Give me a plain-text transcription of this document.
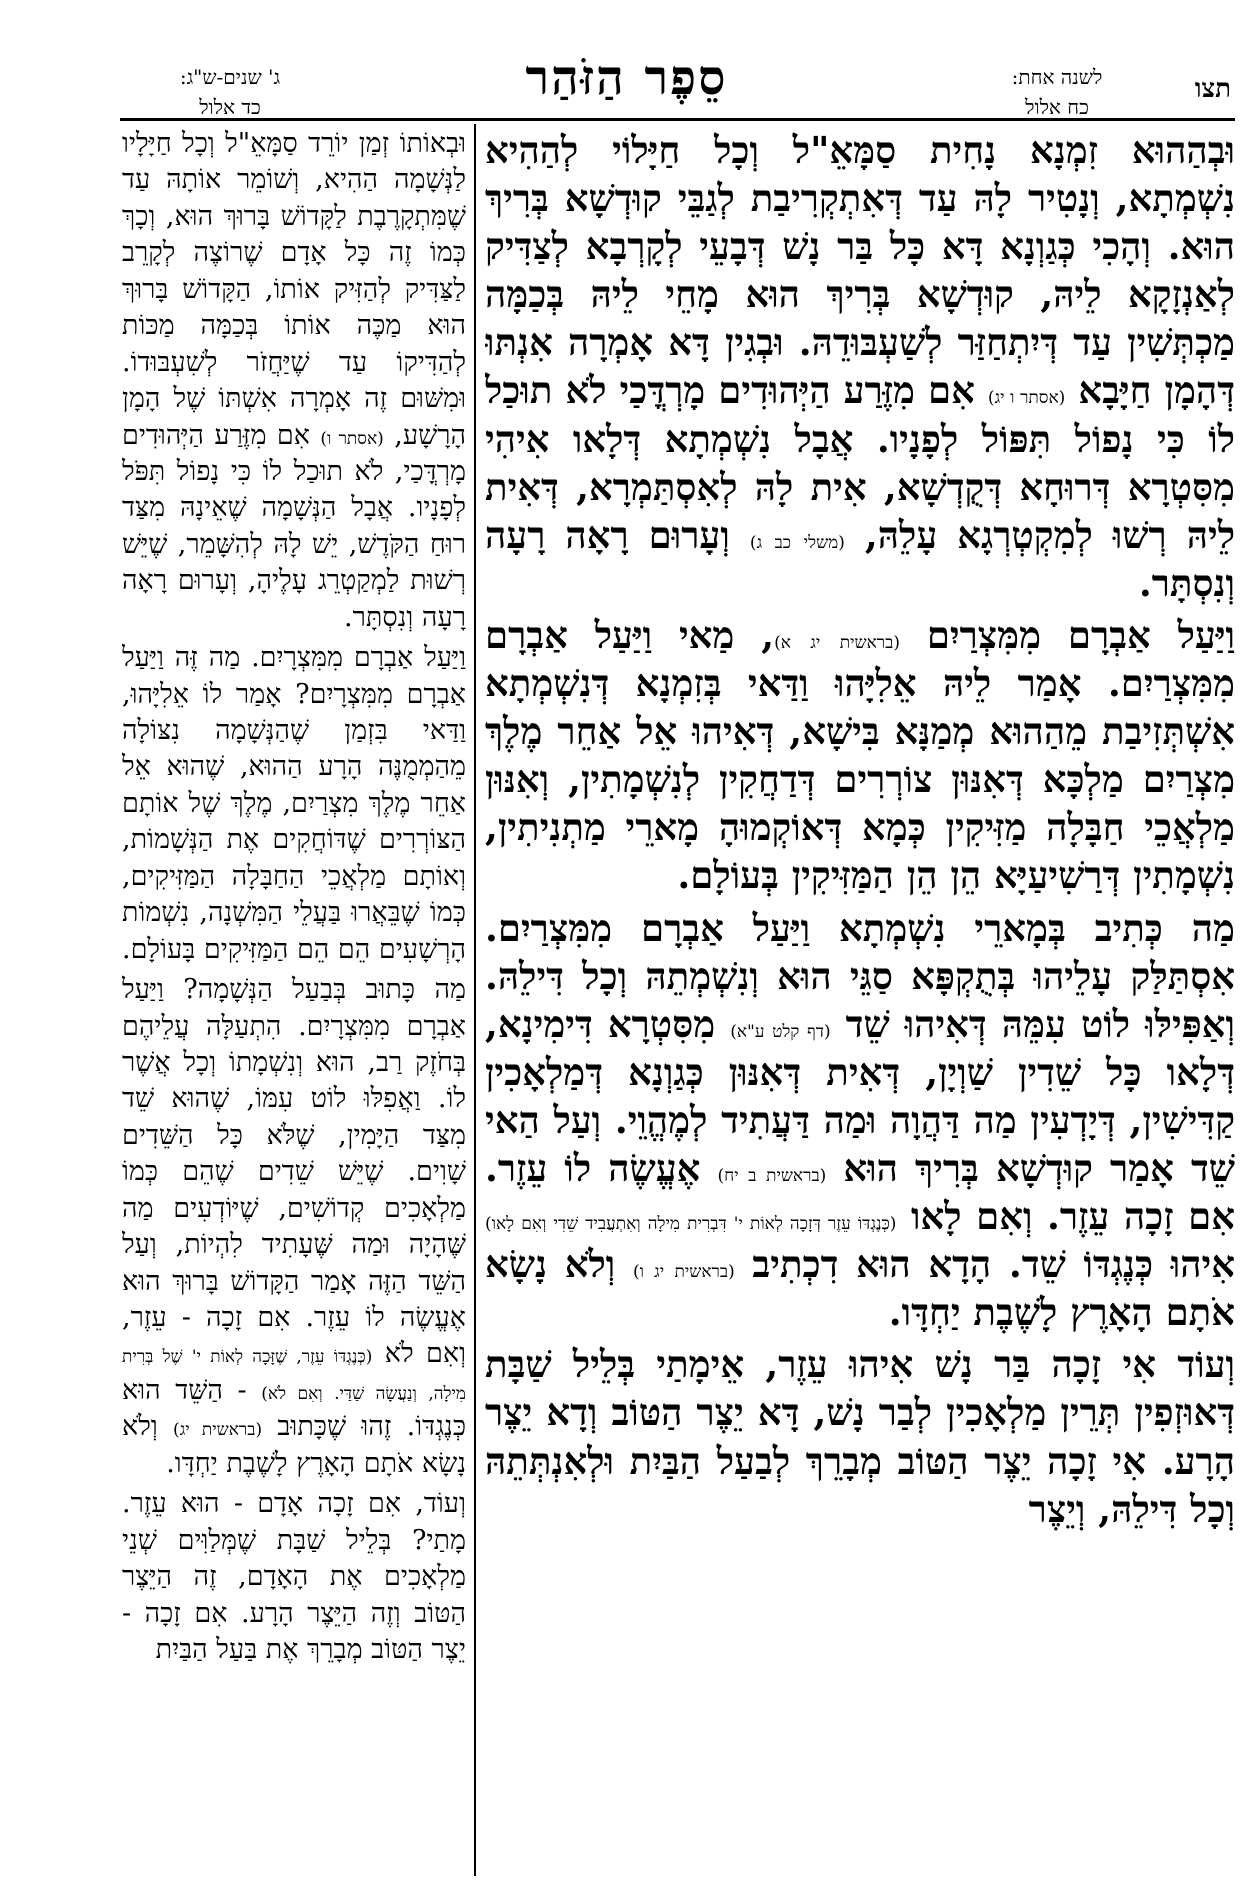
תצו
לשנה אחת:
כח אלול
סֵפֶר הַזֹּהַר
ג' שנים-ש"ג:
כד אלול

וּבְהַהוּא זִמְנָא נָחִית סַמָּאֵ"ל וְכָל חַיָּלוֹי לְהַהִיא נִשְׁמְתָא, וְנָטִיר לָהּ עַד דְּאִתְקְרִיבַת לְגַבֵּי קוּדְשָׁא בְּרִיךְ הוּא. וְהָכִי כְּגַוְנָא דָּא כָּל בַּר נָשׁ דְּבָעֵי לְקָרְבָא לְצַדִּיק לְאַנְזָקָא לֵיהּ, קוּדְשָׁא בְּרִיךְ הוּא מָחֵי לֵיהּ בְּכַמָּה מַכְתְּשִׁין עַד דְּיִתְחַזַּר לְשַׁעְבּוּדֵהּ. וּבְגִין דָּא אָמְרָה אִנְתּוּ דְּהָמָן חַיָּבָא (אסתר ו יג) אִם מִזֶּרַע הַיְּהוּדִים מָרְדֳּכַי לֹא תוּכַל לוֹ כִּי נָפוֹל תִּפּוֹל לְפָנָיו. אֲבָל נִשְׁמְתָא דְּלָאו אִיהִי מִסִּטְרָא דְּרוּחָא דְּקֻדְשָׁא, אִית לָהּ לְאִסְתַּמְרָא, דְּאִית לֵיהּ רְשׁוּ לְמִקְטְרְגָא עָלֵהּ, (משלי כב ג) וְעָרוּם רָאָה רָעָה וְנִסְתָּר.

וַיַּעַל אַבְרָם מִמִּצְרַיִם (בראשית יג א), מַאי וַיַּעַל אַבְרָם מִמִּצְרַיִם. אָמַר לֵיהּ אֵלִיָּהוּ וַדַּאי בְּזִמְנָא דְּנִשְׁמְתָא אִשְׁתְּזִיבַת מֵהַהוּא מְמַנָּא בִּישָׁא, דְּאִיהוּ אֵל אַחֵר מֶלֶךְ מִצְרַיִם מַלְכָּא דְּאִנּוּן צוֹרְרִים דְּדַחֲקִין לְנִשְׁמָתִין, וְאִנּוּן מַלְאֲכֵי חַבָּלָה מַזִּיקִין כְּמָא דְּאוֹקְמוּהָ מָארֵי מַתְנִיתִין, נִשְׁמָתִין דְּרַשִׁיעַיָּא הֵן הֵן הַמַּזִּיקִין בְּעוֹלָם.

מַה כְּתִיב בְּמָארֵי נִשְׁמְתָא וַיַּעַל אַבְרָם מִמִּצְרַיִם. אִסְתַּלַּק עָלֵיהוּ בְּתֻקְפָּא סַגֵּי הוּא וְנִשְׁמְתֵהּ וְכָל דִּילֵהּ. וְאַפִּילּוּ לוֹט עִמֵּהּ דְּאִיהוּ שֵׁד (דף קלט ע"א) מִסִּטְרָא דִּימִינָא, דְּלָאו כָּל שֵׁדִין שַׁוְיָן, דְּאִית דְּאִנּוּן כְּגַוְנָא דְּמַלְאָכִין קַדִּישִׁין, דְּיָדְעִין מַה דַּהֲוָה וּמַה דַּעֲתִיד לְמֶהֱוֵי. וְעַל הַאי שֵׁד אָמַר קוּדְשָׁא בְּרִיךְ הוּא (בראשית ב יח) אֶעֱשֶׂה לוֹ עֵזֶר. אִם זָכָה עֵזֶר. וְאִם לָאו (כְּנֶגְדּוֹ עֵזֶר דְּזָכָה לְאוֹת י' דִּבְרִית מִילָה וְאִתְעֲבִיד שֵׁדִי וְאִם לָאו) אִיהוּ כְּנֶגְדּוֹ שֵׁד. הָדָא הוּא דִכְתִיב (בראשית יג ו) וְלֹא נָשָׂא אֹתָם הָאָרֶץ לָשֶׁבֶת יַחְדָּו.

וְעוֹד אִי זָכָה בַּר נָשׁ אִיהוּ עֵזֶר, אֵימָתַי בְּלֵיל שַׁבָּת דְּאוּזְפִין תְּרֵין מַלְאָכִין לְבַר נָשׁ, דָּא יֵצֶר הַטּוֹב וְדָא יֵצֶר הָרָע. אִי זָכָה יֵצֶר הַטּוֹב מְבָרֵךְ לְבַעַל הַבַּיִת וּלְאִנְתְּתֵהּ וְכָל דִּילֵהּ, וְיֵצֶר

וּבְאוֹתוֹ זְמַן יוֹרֵד סַמָּאֵ"ל וְכָל חַיָּלָיו לַנְּשָׁמָה הַהִיא, וְשׁוֹמֵר אוֹתָהּ עַד שֶׁמִּתְקָרֶבֶת לַקָּדוֹשׁ בָּרוּךְ הוּא, וְכָךְ כְּמוֹ זֶה כָּל אָדָם שֶׁרוֹצֶה לְקָרֵב לַצַּדִּיק לְהַזִּיק אוֹתוֹ, הַקָּדוֹשׁ בָּרוּךְ הוּא מַכֶּה אוֹתוֹ בְּכַמָּה מַכּוֹת לְהַדִּיקוֹ עַד שֶׁיַּחֲזֹר לְשִׁעְבּוּדוֹ. וּמִשּׁוּם זֶה אָמְרָה אִשְׁתּוֹ שֶׁל הָמָן הָרָשָׁע, (אסתר ו) אִם מִזֶּרַע הַיְּהוּדִים מָרְדֳּכַי, לֹא תוּכַל לוֹ כִּי נָפוֹל תִּפֹּל לְפָנָיו. אֲבָל הַנְּשָׁמָה שֶׁאֵינָהּ מִצַּד רוּחַ הַקֹּדֶשׁ, יֵשׁ לָהּ לְהִשָּׁמֵר, שֶׁיֵּשׁ רְשׁוּת לַמְקַטְרֵג עָלֶיהָ, וְעָרוּם רָאָה רָעָה וְנִסְתָּר.

וַיַּעַל אַבְרָם מִמִּצְרָיִם. מַה זֶּה וַיַּעַל אַבְרָם מִמִּצְרָיִם? אָמַר לוֹ אֵלִיָּהוּ, וַדַּאי בִּזְמַן שֶׁהַנְּשָׁמָה נִצּוֹלָה מֵהַמְמֻנֶּה הָרָע הַהוּא, שֶׁהוּא אֵל אַחֵר מֶלֶךְ מִצְרַיִם, מֶלֶךְ שֶׁל אוֹתָם הַצּוֹרְרִים שֶׁדּוֹחֲקִים אֶת הַנְּשָׁמוֹת, וְאוֹתָם מַלְאֲכֵי הַחַבָּלָה הַמַּזִּיקִים, כְּמוֹ שֶׁבֵּאֲרוּ בַּעֲלֵי הַמִּשְׁנָה, נִשְׁמוֹת הָרְשָׁעִים הֵם הֵם הַמַּזִּיקִים בָּעוֹלָם.

מַה כָּתוּב בְּבַעַל הַנְּשָׁמָה? וַיַּעַל אַבְרָם מִמִּצְרָיִם. הִתְעַלָּה עֲלֵיהֶם בְּחֹזֶק רַב, הוּא וְנִשְׁמָתוֹ וְכָל אֲשֶׁר לוֹ. וַאֲפִלּוּ לוֹט עִמּוֹ, שֶׁהוּא שֵׁד מִצַּד הַיָּמִין, שֶׁלֹּא כָּל הַשֵּׁדִים שָׁוִים. שֶׁיֵּשׁ שֵׁדִים שֶׁהֵם כְּמוֹ מַלְאָכִים קְדוֹשִׁים, שֶׁיּוֹדְעִים מַה שֶּׁהָיָה וּמַה שֶּׁעָתִיד לִהְיוֹת, וְעַל הַשֵּׁד הַזֶּה אָמַר הַקָּדוֹשׁ בָּרוּךְ הוּא אֶעֱשֶׂה לוֹ עֵזֶר. אִם זָכָה - עֵזֶר, וְאִם לֹא (כְּנֶגְדּוֹ עֵזֶר, שֶׁזָּכָה לְאוֹת י' שֶׁל בְּרִית מִילָה, וְנַעֲשָׂה שַׁדַּי. וְאִם לֹא) - הַשֵּׁד הוּא כְּנֶגְדּוֹ. זֶהוּ שֶׁכָּתוּב (בראשית יג) וְלֹא נָשָׂא אֹתָם הָאָרֶץ לָשֶׁבֶת יַחְדָּו.

וְעוֹד, אִם זָכָה אָדָם - הוּא עֵזֶר. מָתַי? בְּלֵיל שַׁבָּת שֶׁמְּלַוִּים שְׁנֵי מַלְאָכִים אֶת הָאָדָם, זֶה הַיֵּצֶר הַטּוֹב וְזֶה הַיֵּצֶר הָרָע. אִם זָכָה - יֵצֶר הַטּוֹב מְבָרֵךְ אֶת בַּעַל הַבַּיִת
